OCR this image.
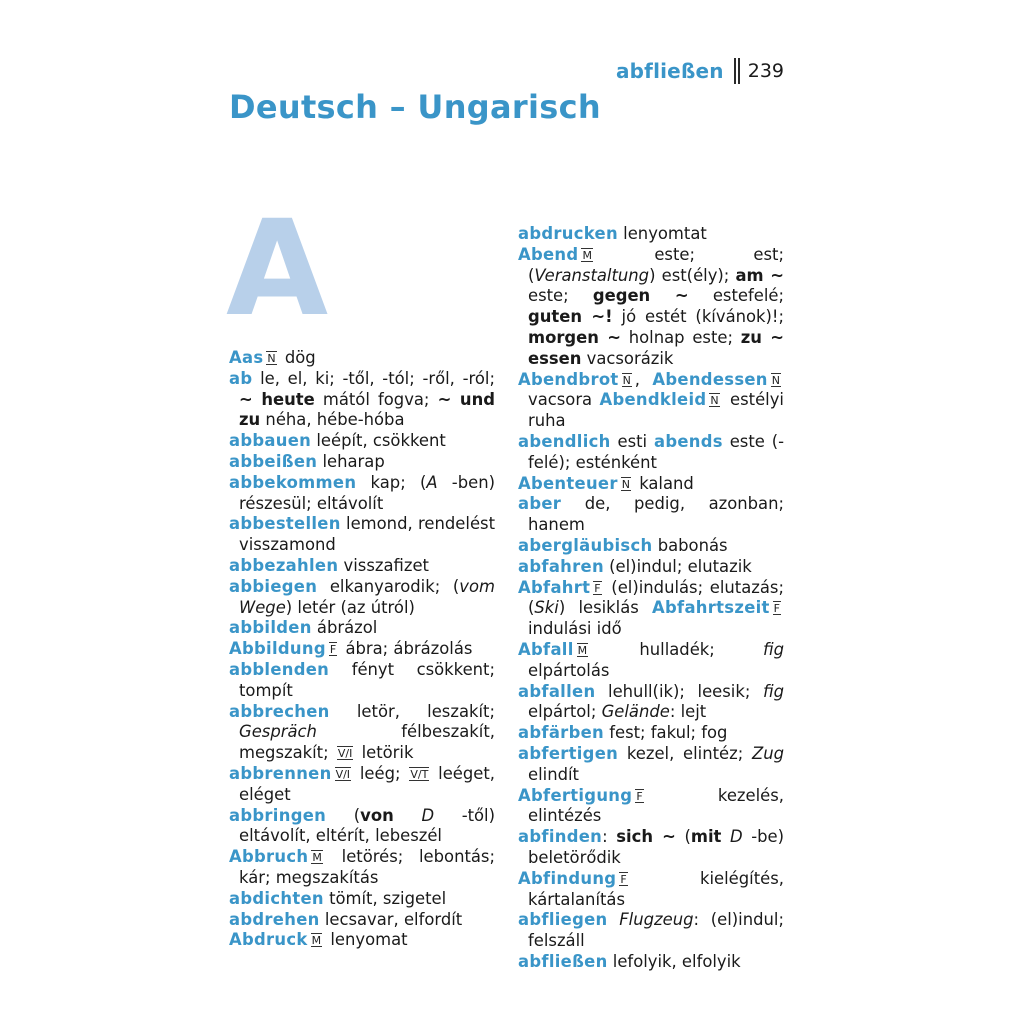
abfließen 239
Deutsch – Ungarisch
A

Aas N dög

ab le, el, ki; -től, -tól; -ről, -ról; ~ heute mától fogva; ~ und zu néha, hébe-hóba

abbauen leépít, csökkent

abbeißen leharap

abbekommen kap; (A -ben) részesül; eltávolít

abbestellen lemond, rendelést visszamond

abbezahlen visszafizet

abbiegen elkanyarodik; (vom Wege) letér (az útról)

abbilden ábrázol

Abbildung F ábra; ábrázolás

abblenden fényt csökkent; tompít

abbrechen letör, leszakít; Gespräch félbeszakít, megszakít; V/I letörik

abbrennen V/I leég; V/T leéget, eléget

abbringen (von D -től) eltávolít, eltérít, lebeszél

Abbruch M letörés; lebontás; kár; megszakítás

abdichten tömít, szigetel

abdrehen lecsavar, elfordít

Abdruck M lenyomat

abdrucken lenyomtat

Abend M	este; est; (Veranstaltung) est(ély); am ~ este; gegen ~ estefelé; guten ~! jó estét (kívánok)!; morgen ~ holnap este; zu ~ essen vacsorázik

Abendbrot N , Abendessen N vacsora Abendkleid N estélyi ruha

abendlich esti abends este (-felé); esténként

Abenteuer N kaland

aber de, pedig, azonban; hanem

abergläubisch babonás

abfahren (el)indul; elutazik

Abfahrt F (el)indulás; elutazás; (Ski) lesiklás Abfahrtszeit F indulási idő

Abfall M	hulladék; fig elpártolás

abfallen lehull(ik); leesik; fig elpártol; Gelände: lejt

abfärben fest; fakul; fog

abfertigen kezel, elintéz; Zug elindít

Abfertigung F	kezelés, elintézés

abfinden: sich ~ (mit D -be) beletörődik

Abfindung F	kielégítés, kártalanítás

abfliegen Flugzeug: (el)indul; felszáll

abfließen lefolyik, elfolyik
